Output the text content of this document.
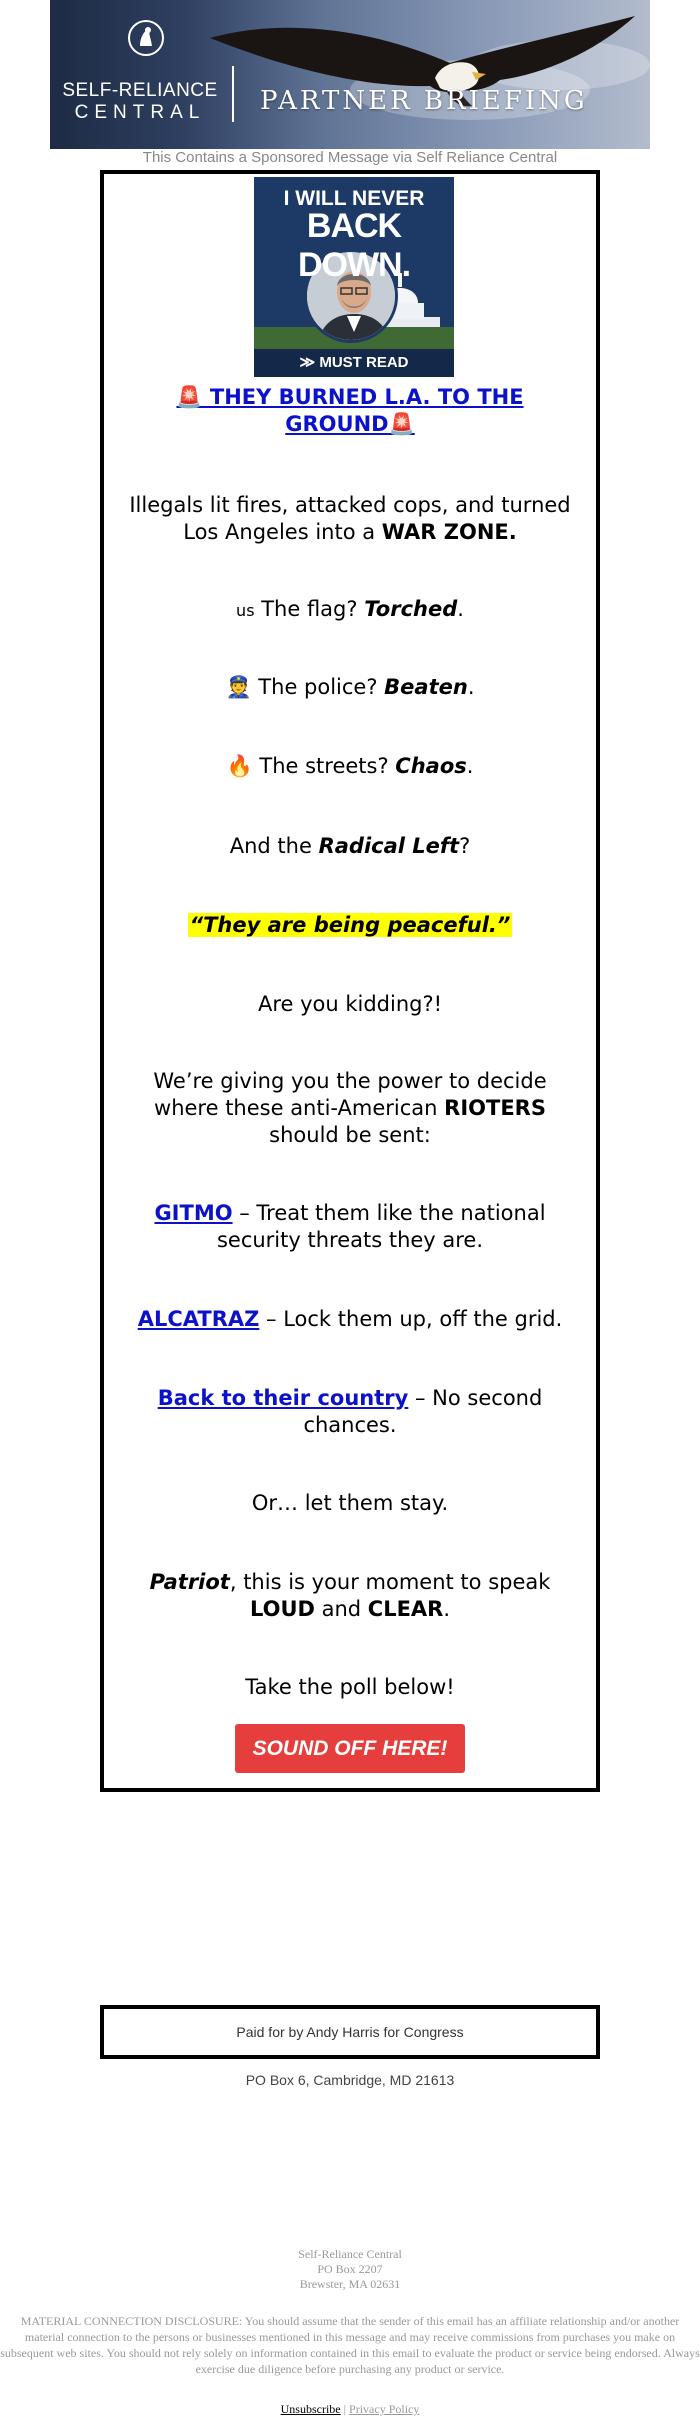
SELF-RELIANCE
CENTRAL	PARTNER BRIEFING
This Contains a Sponsored Message via Self Reliance Central
I WILL NEVER
BACK DOWN.
≫ MUST READ
🚨 THEY BURNED L.A. TO THE GROUND🚨
Illegals lit fires, attacked cops, and turned Los Angeles into a WAR ZONE.
us The flag? Torched.
👮 The police? Beaten.
🔥 The streets? Chaos.
And the Radical Left?
“They are being peaceful.”
Are you kidding?!
We’re giving you the power to decide where these anti-American RIOTERS should be sent:
GITMO – Treat them like the national security threats they are.
ALCATRAZ – Lock them up, off the grid.
Back to their country – No second chances.
Or… let them stay.
Patriot, this is your moment to speak LOUD and CLEAR.
Take the poll below!
SOUND OFF HERE!
Paid for by Andy Harris for Congress
PO Box 6, Cambridge, MD 21613
Self-Reliance Central
PO Box 2207
Brewster, MA 02631
MATERIAL CONNECTION DISCLOSURE: You should assume that the sender of this email has an affiliate relationship and/or another material connection to the persons or businesses mentioned in this message and may receive commissions from purchases you make on subsequent web sites. You should not rely solely on information contained in this email to evaluate the product or service being endorsed. Always exercise due diligence before purchasing any product or service.
Unsubscribe | Privacy Policy
